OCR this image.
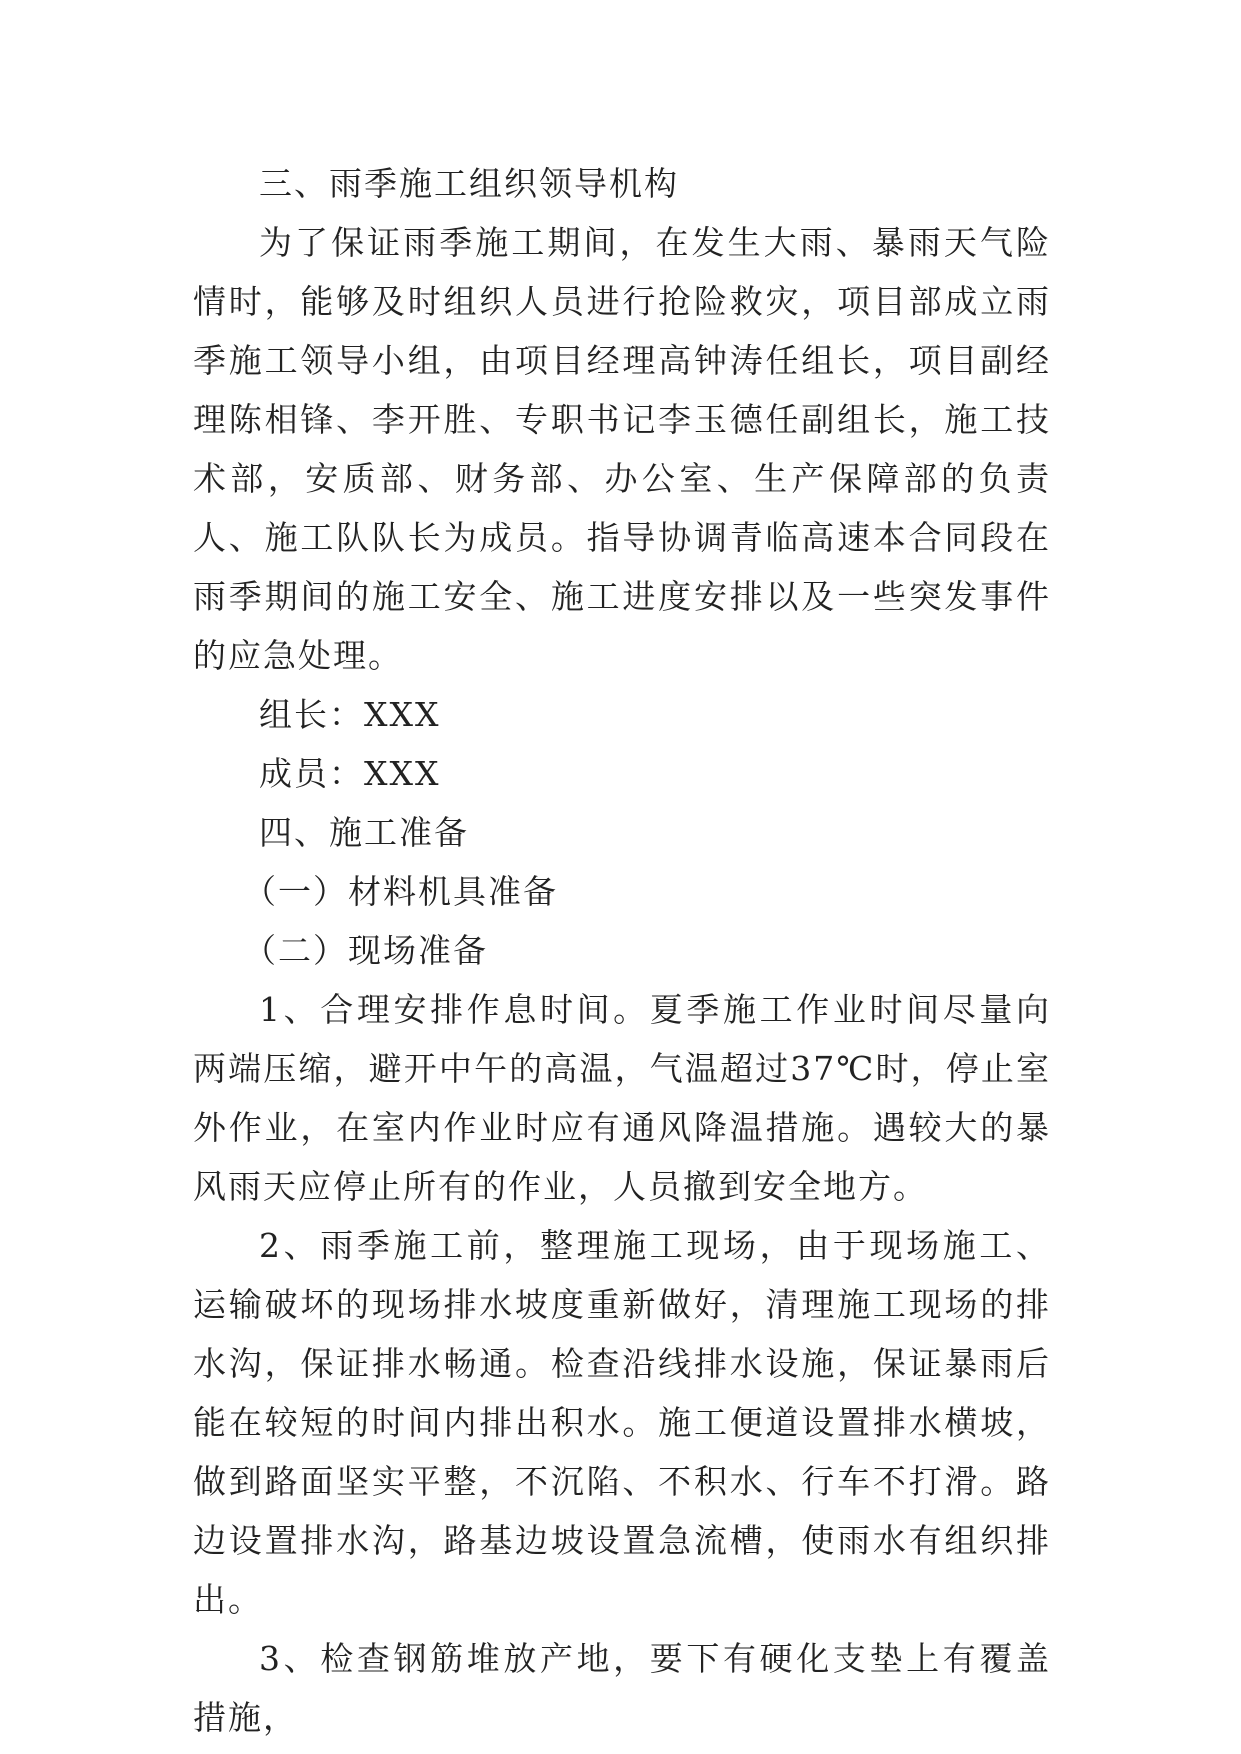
三、雨季施工组织领导机构

为了保证雨季施工期间，在发生大雨、暴雨天气险情时，能够及时组织人员进行抢险救灾，项目部成立雨季施工领导小组，由项目经理高钟涛任组长，项目副经理陈相锋、李开胜、专职书记李玉德任副组长，施工技术部，安质部、财务部、办公室、生产保障部的负责人、施工队队长为成员。指导协调青临高速本合同段在雨季期间的施工安全、施工进度安排以及一些突发事件的应急处理。

组长：XXX

成员：XXX

四、施工准备

（一）材料机具准备

（二）现场准备

1、合理安排作息时间。夏季施工作业时间尽量向两端压缩，避开中午的高温，气温超过37℃时，停止室外作业，在室内作业时应有通风降温措施。遇较大的暴风雨天应停止所有的作业，人员撤到安全地方。

2、雨季施工前，整理施工现场，由于现场施工、运输破坏的现场排水坡度重新做好，清理施工现场的排水沟，保证排水畅通。检查沿线排水设施，保证暴雨后能在较短的时间内排出积水。施工便道设置排水横坡，做到路面坚实平整，不沉陷、不积水、行车不打滑。路边设置排水沟，路基边坡设置急流槽，使雨水有组织排出。

3、检查钢筋堆放产地，要下有硬化支垫上有覆盖措施，
